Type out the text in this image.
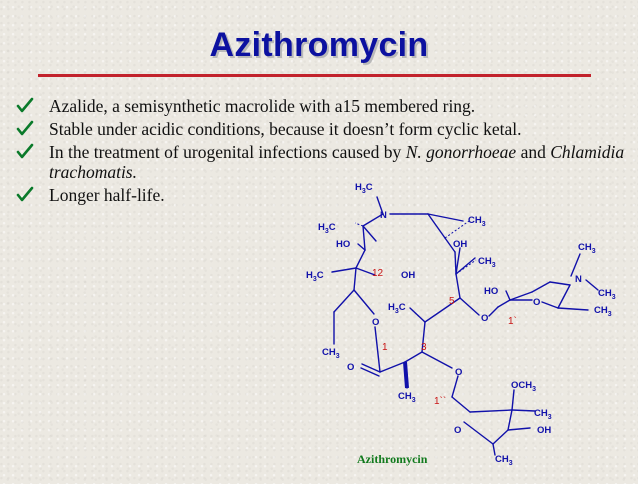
Azithromycin
Azalide, a semisynthetic macrolide with a15 membered ring.
Stable under acidic conditions, because it doesn’t form cyclic ketal.
In the treatment of urogenital infections caused by N. gonorrhoeae and Chlamidia trachomatis.
Longer half-life.	$H_3C$
N
$H_3C$
$CH_3$
HO	OH	$CH_3$
$CH_3$
$H_3C$	OH	N
HO	$CH_3$
$H_3C$	O
$CH_3$
O
O
$CH_3$
O	O
$OCH_3$
$CH_3$
$CH_3$
O	OH
$CH_3$
12
5
1`
1	3
1``
Azithromycin
